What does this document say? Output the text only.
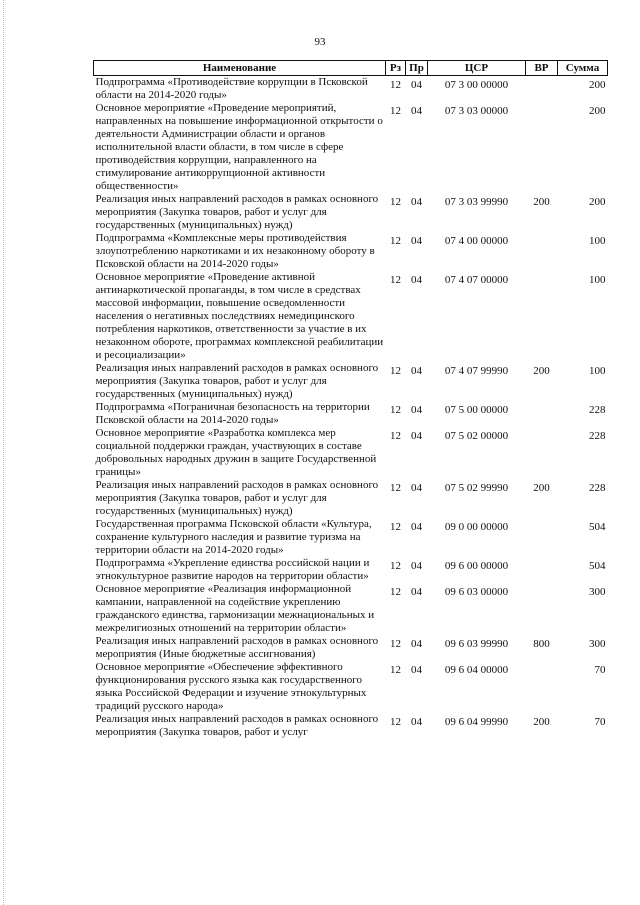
93
Наименование	Рз	Пр	ЦСР	ВР	Сумма
Подпрограмма «Противодействие коррупции в Псковской области на 2014-2020 годы»	12	04	07 3 00 00000		200
Основное мероприятие «Проведение мероприятий, направленных на повышение информационной открытости о деятельности Администрации области и органов исполнительной власти области, в том числе в сфере противодействия коррупции, направленного на стимулирование антикоррупционной активности общественности»	12	04	07 3 03 00000		200
Реализация иных направлений расходов в рамках основного мероприятия (Закупка товаров, работ и услуг для государственных (муниципальных) нужд)	12	04	07 3 03 99990	200	200
Подпрограмма «Комплексные меры противодействия злоупотреблению наркотиками и их незаконному обороту в Псковской области на 2014-2020 годы»	12	04	07 4 00 00000		100
Основное мероприятие «Проведение активной антинаркотической пропаганды, в том числе в средствах массовой информации, повышение осведомленности населения о негативных последствиях немедицинского потребления наркотиков, ответственности за участие в их незаконном обороте, программах комплексной реабилитации и ресоциализации»	12	04	07 4 07 00000		100
Реализация иных направлений расходов в рамках основного мероприятия (Закупка товаров, работ и услуг для государственных (муниципальных) нужд)	12	04	07 4 07 99990	200	100
Подпрограмма «Пограничная безопасность на территории Псковской области на 2014-2020 годы»	12	04	07 5 00 00000		228
Основное мероприятие «Разработка комплекса мер социальной поддержки граждан, участвующих в составе добровольных народных дружин в защите Государственной границы»	12	04	07 5 02 00000		228
Реализация иных направлений расходов в рамках основного мероприятия (Закупка товаров, работ и услуг для государственных (муниципальных) нужд)	12	04	07 5 02 99990	200	228
Государственная программа Псковской области «Культура, сохранение культурного наследия и развитие туризма на территории области на 2014-2020 годы»	12	04	09 0 00 00000		504
Подпрограмма «Укрепление единства российской нации и этнокультурное развитие народов на территории области»	12	04	09 6 00 00000		504
Основное мероприятие «Реализация информационной кампании, направленной на содействие укреплению гражданского единства, гармонизации межнациональных и межрелигиозных отношений на территории области»	12	04	09 6 03 00000		300
Реализация иных направлений расходов в рамках основного мероприятия (Иные бюджетные ассигнования)	12	04	09 6 03 99990	800	300
Основное мероприятие «Обеспечение эффективного функционирования русского языка как государственного языка Российской Федерации и изучение этнокультурных традиций русского народа»	12	04	09 6 04 00000		70
Реализация иных направлений расходов в рамках основного мероприятия (Закупка товаров, работ и услуг	12	04	09 6 04 99990	200	70
